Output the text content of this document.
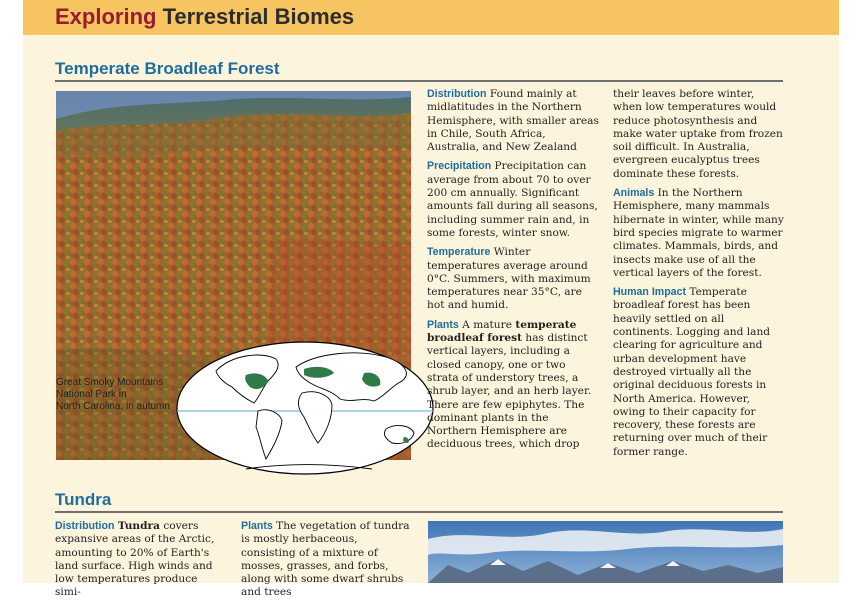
Exploring Terrestrial Biomes
Temperate Broadleaf Forest
Great Smoky Mountains
National Park in
North Carolina, in autumn

Distribution Found mainly at midlatitudes in the Northern Hemisphere, with smaller areas in Chile, South Africa, Australia, and New Zealand

Precipitation Precipitation can average from about 70 to over 200 cm annually. Significant amounts fall during all seasons, including summer rain and, in some forests, winter snow.

Temperature Winter temperatures average around 0°C. Summers, with maximum temperatures near 35°C, are hot and humid.

Plants A mature temperate broadleaf forest has distinct vertical layers, including a closed canopy, one or two strata of understory trees, a shrub layer, and an herb layer. There are few epiphytes. The dominant plants in the Northern Hemisphere are deciduous trees, which drop

their leaves before winter, when low temperatures would reduce photosynthesis and make water uptake from frozen soil difficult. In Australia, evergreen eucalyptus trees dominate these forests.

Animals In the Northern Hemisphere, many mammals hibernate in winter, while many bird species migrate to warmer climates. Mammals, birds, and insects make use of all the vertical layers of the forest.

Human Impact Temperate broadleaf forest has been heavily settled on all continents. Logging and land clearing for agriculture and urban development have destroyed virtually all the original deciduous forests in North America. However, owing to their capacity for recovery, these forests are returning over much of their former range.

Tundra

Distribution Tundra covers expansive areas of the Arctic, amounting to 20% of Earth's land surface. High winds and low temperatures produce simi-

Plants The vegetation of tundra is mostly herbaceous, consisting of a mixture of mosses, grasses, and forbs, along with some dwarf shrubs and trees
